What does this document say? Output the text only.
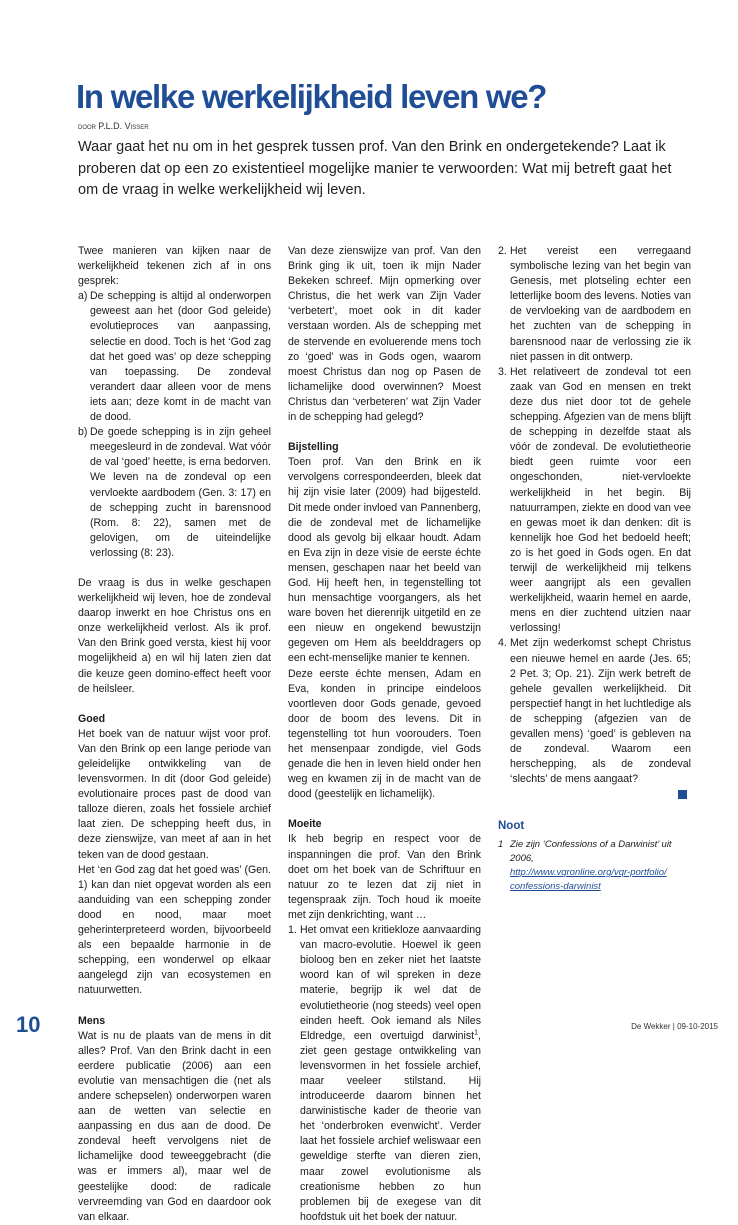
In welke werkelijkheid leven we?
door P.L.D. Visser
Waar gaat het nu om in het gesprek tussen prof. Van den Brink en ondergetekende? Laat ik proberen dat op een zo existentieel mogelijke manier te verwoorden: Wat mij betreft gaat het om de vraag in welke werkelijkheid wij leven.

Twee manieren van kijken naar de werkelijkheid tekenen zich af in ons gesprek:

a) De schepping is altijd al onderworpen geweest aan het (door God geleide) evolutieproces van aanpassing, selectie en dood. Toch is het ‘God zag dat het goed was’ op deze schepping van toepassing. De zondeval verandert daar alleen voor de mens iets aan; deze komt in de macht van de dood.
b) De goede schepping is in zijn geheel meegesleurd in de zondeval. Wat vóór de val ‘goed’ heette, is erna bedorven. We leven na de zondeval op een vervloekte aardbodem (Gen. 3: 17) en de schepping zucht in barensnood (Rom. 8: 22), samen met de gelovigen, om de uiteindelijke verlossing (8: 23).

De vraag is dus in welke geschapen werkelijkheid wij leven, hoe de zondeval daarop inwerkt en hoe Christus ons en onze werkelijkheid verlost. Als ik prof. Van den Brink goed versta, kiest hij voor mogelijkheid a) en wil hij laten zien dat die keuze geen domino-effect heeft voor de heilsleer.

Goed

Het boek van de natuur wijst voor prof. Van den Brink op een lange periode van geleidelijke ontwikkeling van de levensvormen. In dit (door God geleide) evolutionaire proces past de dood van talloze dieren, zoals het fossiele archief laat zien. De schepping heeft dus, in deze zienswijze, van meet af aan in het teken van de dood gestaan.

Het ‘en God zag dat het goed was’ (Gen. 1) kan dan niet opgevat worden als een aanduiding van een schepping zonder dood en nood, maar moet geherinterpreteerd worden, bijvoorbeeld als een bepaalde harmonie in de schepping, een wonderwel op elkaar aangelegd zijn van ecosystemen en natuurwetten.

Mens

Wat is nu de plaats van de mens in dit alles? Prof. Van den Brink dacht in een eerdere publicatie (2006) aan een evolutie van mensachtigen die (net als andere schepselen) onderworpen waren aan de wetten van selectie en aanpassing en dus aan de dood. De zondeval heeft vervolgens niet de lichamelijke dood teweeggebracht (die was er immers al), maar wel de geestelijke dood: de radicale vervreemding van God en daardoor ook van elkaar.

Van deze zienswijze van prof. Van den Brink ging ik uit, toen ik mijn Nader Bekeken schreef. Mijn opmerking over Christus, die het werk van Zijn Vader ‘verbetert’, moet ook in dit kader verstaan worden. Als de schepping met de stervende en evoluerende mens toch zo ‘goed’ was in Gods ogen, waarom moest Christus dan nog op Pasen de lichamelijke dood overwinnen? Moest Christus dan ‘verbeteren’ wat Zijn Vader in de schepping had gelegd?

Bijstelling

Toen prof. Van den Brink en ik vervolgens correspondeerden, bleek dat hij zijn visie later (2009) had bijgesteld. Dit mede onder invloed van Pannenberg, die de zondeval met de lichamelijke dood als gevolg bij elkaar houdt. Adam en Eva zijn in deze visie de eerste échte mensen, geschapen naar het beeld van God. Hij heeft hen, in tegenstelling tot hun mensachtige voorgangers, als het ware boven het dierenrijk uitgetild en ze een nieuw en ongekend bewustzijn gegeven om Hem als beelddragers op een echt-menselijke manier te kennen.

Deze eerste échte mensen, Adam en Eva, konden in principe eindeloos voortleven door Gods genade, gevoed door de boom des levens. Dit in tegenstelling tot hun voorouders. Toen het mensenpaar zondigde, viel Gods genade die hen in leven hield onder hen weg en kwamen zij in de macht van de dood (geestelijk en lichamelijk).

Moeite

Ik heb begrip en respect voor de inspanningen die prof. Van den Brink doet om het boek van de Schriftuur en natuur zo te lezen dat zij niet in tegenspraak zijn. Toch houd ik moeite met zijn denkrichting, want …

1. Het omvat een kritiekloze aanvaarding van macro-evolutie. Hoewel ik geen bioloog ben en zeker niet het laatste woord kan of wil spreken in deze materie, begrijp ik wel dat de evolutietheorie (nog steeds) veel open einden heeft. Ook iemand als Niles Eldredge, een overtuigd darwinist$^1$, ziet geen gestage ontwikkeling van levensvormen in het fossiele archief, maar veeleer stilstand. Hij introduceerde daarom binnen het darwinistische kader de theorie van het ‘onderbroken evenwicht’. Verder laat het fossiele archief weliswaar een geweldige sterfte van dieren zien, maar zowel evolutionisme als creationisme hebben zo hun problemen bij de exegese van dit hoofdstuk uit het boek der natuur.
2. Het vereist een verregaand symbolische lezing van het begin van Genesis, met plotseling echter een letterlijke boom des levens. Noties van de vervloeking van de aardbodem en het zuchten van de schepping in barensnood naar de verlossing zie ik niet passen in dit ontwerp.
3. Het relativeert de zondeval tot een zaak van God en mensen en trekt deze dus niet door tot de gehele schepping. Afgezien van de mens blijft de schepping in dezelfde staat als vóór de zondeval. De evolutietheorie biedt geen ruimte voor een ongeschonden, niet-vervloekte werkelijkheid in het begin. Bij natuurrampen, ziekte en dood van vee en gewas moet ik dan denken: dit is kennelijk hoe God het bedoeld heeft; zo is het goed in Gods ogen. En dat terwijl de werkelijkheid mij telkens weer aangrijpt als een gevallen werkelijkheid, waarin hemel en aarde, mens en dier zuchtend uitzien naar verlossing!
4. Met zijn wederkomst schept Christus een nieuwe hemel en aarde (Jes. 65; 2 Pet. 3; Op. 21). Zijn werk betreft de gehele gevallen werkelijkheid. Dit perspectief hangt in het luchtledige als de schepping (afgezien van de gevallen mens) ‘goed’ is gebleven na de zondeval. Waarom een herschepping, als de zondeval ‘slechts’ de mens aangaat?

Noot

1 Zie zijn ‘Confessions of a Darwinist’ uit 2006,
http://www.vqronline.org/vqr-portfolio/
confessions-darwinist

10	De Wekker | 09-10-2015
